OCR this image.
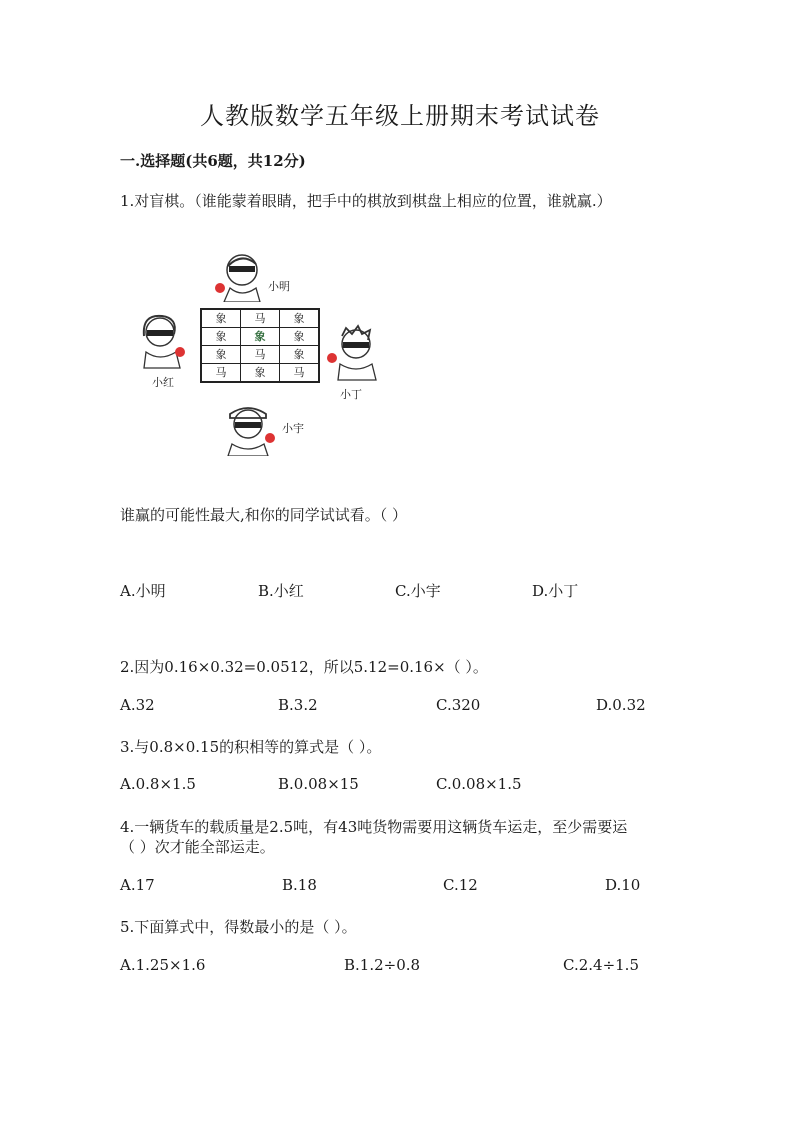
人教版数学五年级上册期末考试试卷
一.选择题(共6题，共12分)
1.对盲棋。（谁能蒙着眼睛，把手中的棋放到棋盘上相应的位置，谁就赢.）
小明
小红
象	马	象
象	象	象
象	马	象
马	象	马
小丁
小宇
谁赢的可能性最大,和你的同学试试看。（ ）
A.小明	B.小红	C.小宇	D.小丁
2.因为0.16×0.32=0.0512，所以5.12=0.16×（ ）。
A.32	B.3.2	C.320	D.0.32
3.与0.8×0.15的积相等的算式是（ ）。
A.0.8×1.5	B.0.08×15	C.0.08×1.5
4.一辆货车的载质量是2.5吨，有43吨货物需要用这辆货车运走，至少需要运
（ ）次才能全部运走。
A.17	B.18	C.12	D.10
5.下面算式中，得数最小的是（ ）。
A.1.25×1.6	B.1.2÷0.8	C.2.4÷1.5
